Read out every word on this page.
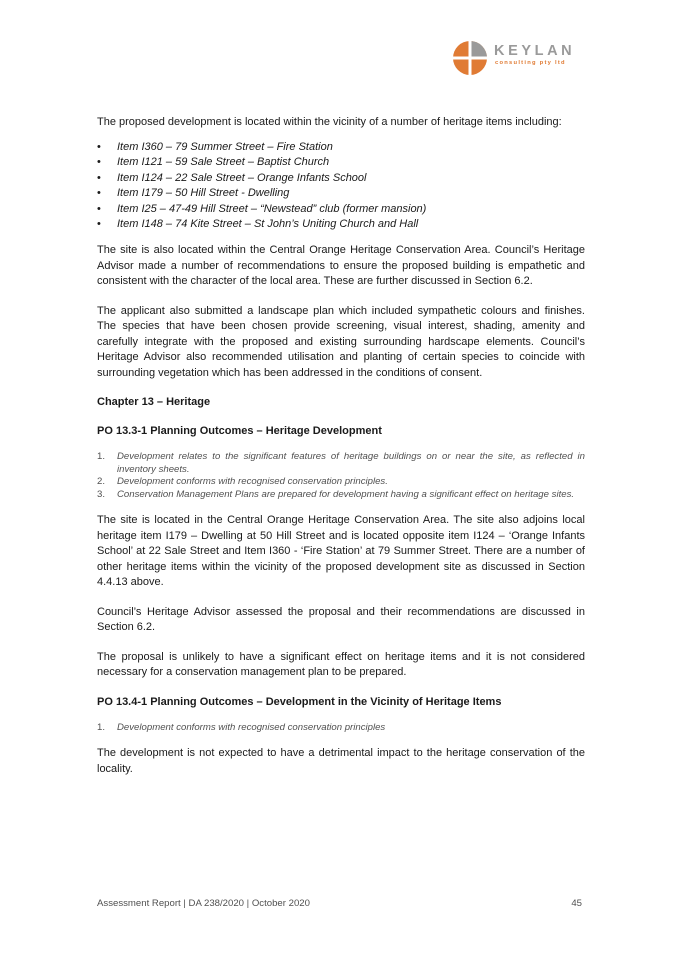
KEYLAN
consulting pty ltd

The proposed development is located within the vicinity of a number of heritage items including:

• Item I360 – 79 Summer Street – Fire Station
• Item I121 – 59 Sale Street – Baptist Church
• Item I124 – 22 Sale Street – Orange Infants School
• Item I179 – 50 Hill Street - Dwelling
• Item I25 – 47-49 Hill Street – “Newstead” club (former mansion)
• Item I148 – 74 Kite Street – St John’s Uniting Church and Hall

The site is also located within the Central Orange Heritage Conservation Area. Council’s Heritage Advisor made a number of recommendations to ensure the proposed building is empathetic and consistent with the character of the local area. These are further discussed in Section 6.2.

The applicant also submitted a landscape plan which included sympathetic colours and finishes. The species that have been chosen provide screening, visual interest, shading, amenity and carefully integrate with the proposed and existing surrounding hardscape elements. Council’s Heritage Advisor also recommended utilisation and planting of certain species to coincide with surrounding vegetation which has been addressed in the conditions of consent.

Chapter 13 – Heritage
PO 13.3-1 Planning Outcomes – Heritage Development
1. Development relates to the significant features of heritage buildings on or near the site, as reflected in inventory sheets.
2. Development conforms with recognised conservation principles.
3. Conservation Management Plans are prepared for development having a significant effect on heritage sites.

The site is located in the Central Orange Heritage Conservation Area. The site also adjoins local heritage item I179 – Dwelling at 50 Hill Street and is located opposite item I124 – ‘Orange Infants School’ at 22 Sale Street and Item I360 - ‘Fire Station’ at 79 Summer Street. There are a number of other heritage items within the vicinity of the proposed development site as discussed in Section 4.4.13 above.

Council’s Heritage Advisor assessed the proposal and their recommendations are discussed in Section 6.2.

The proposal is unlikely to have a significant effect on heritage items and it is not considered necessary for a conservation management plan to be prepared.

PO 13.4-1 Planning Outcomes – Development in the Vicinity of Heritage Items
1. Development conforms with recognised conservation principles

The development is not expected to have a detrimental impact to the heritage conservation of the locality.

Assessment Report | DA 238/2020 | October 2020	45
